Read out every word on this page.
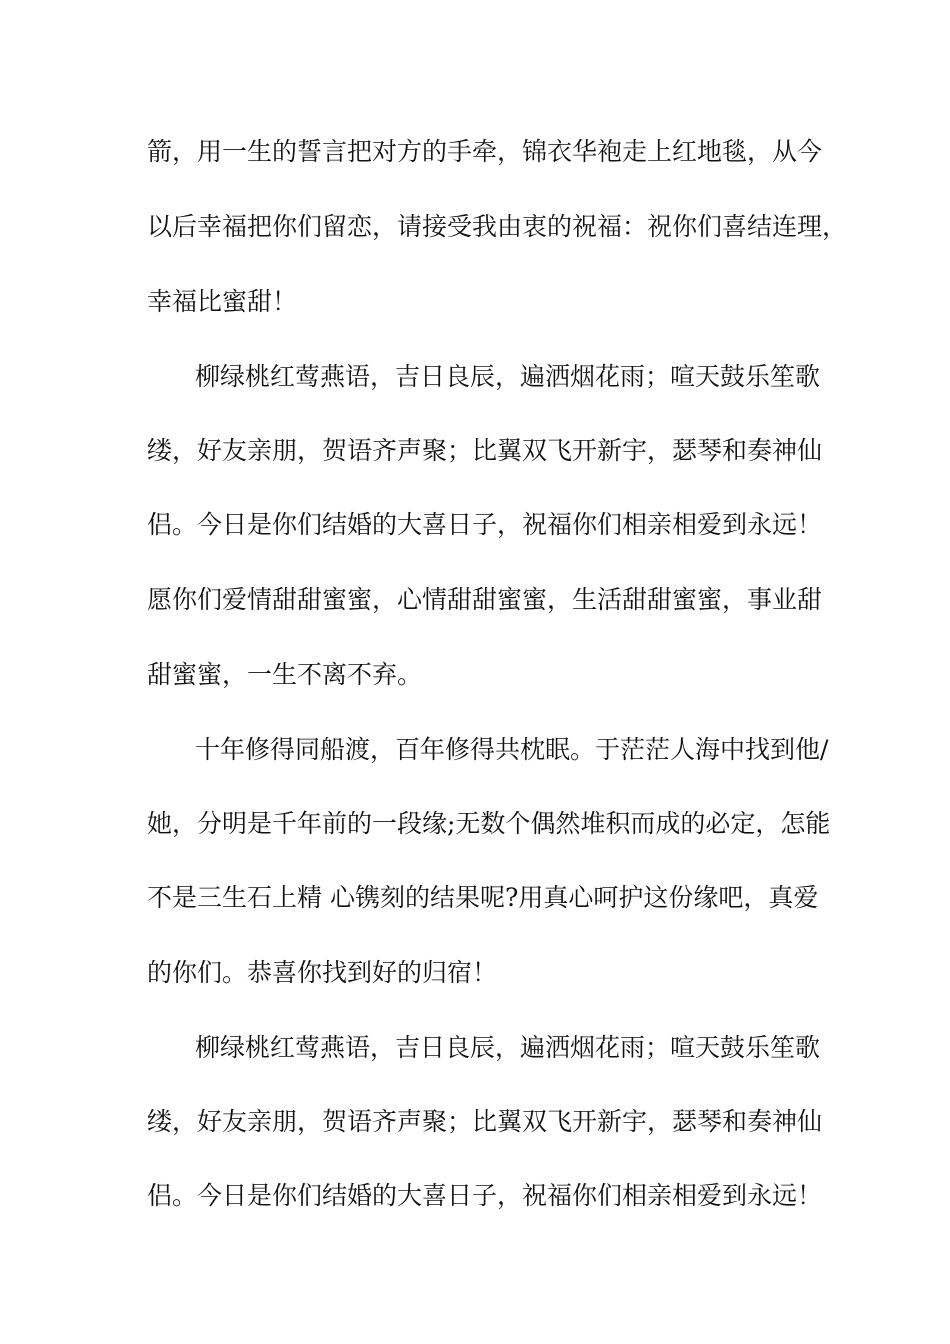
箭，用一生的誓言把对方的手牵，锦衣华袍走上红地毯，从今
以后幸福把你们留恋，请接受我由衷的祝福：祝你们喜结连理，
幸福比蜜甜！
柳绿桃红莺燕语，吉日良辰，遍洒烟花雨；喧天鼓乐笙歌
缕，好友亲朋，贺语齐声聚；比翼双飞开新宇，瑟琴和奏神仙
侣。今日是你们结婚的大喜日子，祝福你们相亲相爱到永远！
愿你们爱情甜甜蜜蜜，心情甜甜蜜蜜，生活甜甜蜜蜜，事业甜
甜蜜蜜，一生不离不弃。
十年修得同船渡，百年修得共枕眠。于茫茫人海中找到他/
她，分明是千年前的一段缘;无数个偶然堆积而成的必定，怎能
不是三生石上精 心镌刻的结果呢?用真心呵护这份缘吧，真爱
的你们。恭喜你找到好的归宿！
柳绿桃红莺燕语，吉日良辰，遍洒烟花雨；喧天鼓乐笙歌
缕，好友亲朋，贺语齐声聚；比翼双飞开新宇，瑟琴和奏神仙
侣。今日是你们结婚的大喜日子，祝福你们相亲相爱到永远！
